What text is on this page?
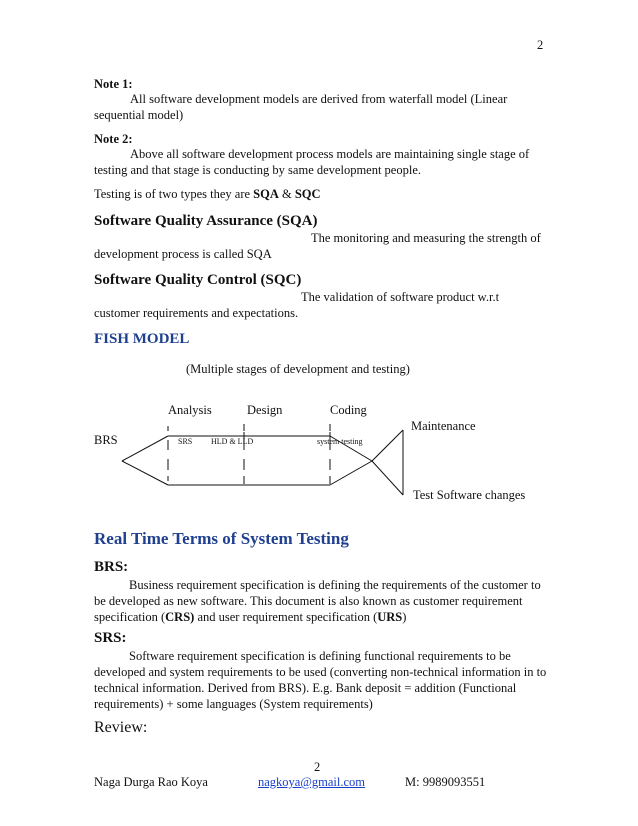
2
Note 1:
All software development models are derived from waterfall model (Linear
sequential model)
Note 2:
Above all software development process models are maintaining single stage of
testing and that stage is conducting by same development people.
Testing is of two types they are SQA & SQC
Software Quality Assurance (SQA)
The monitoring and measuring the strength of
development process is called SQA
Software Quality Control (SQC)
The validation of software product w.r.t
customer requirements and expectations.
FISH MODEL
(Multiple stages of development and testing)
Analysis	Design	Coding
Maintenance
BRS	SRS HLD & LLD	system testing
Test Software changes
Real Time Terms of System Testing
BRS:
Business requirement specification is defining the requirements of the customer to
be developed as new software. This document is also known as customer requirement
specification (CRS) and user requirement specification (URS)
SRS:
Software requirement specification is defining functional requirements to be
developed and system requirements to be used (converting non-technical information in to
technical information. Derived from BRS). E.g. Bank deposit = addition (Functional
requirements) + some languages (System requirements)
Review:
2
Naga Durga Rao Koya	nagkoya@gmail.com	M: 9989093551
